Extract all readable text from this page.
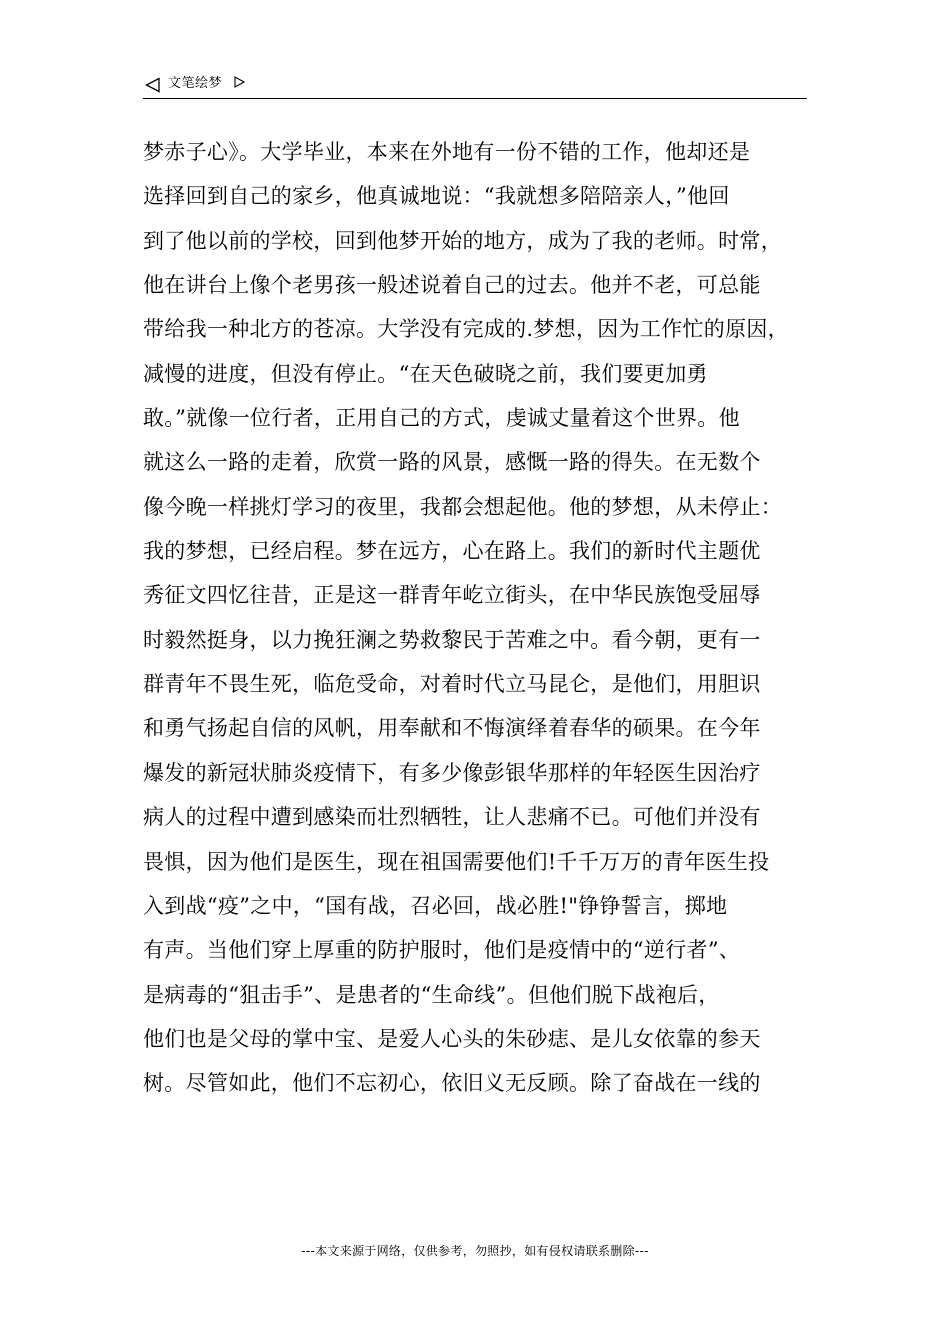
文笔绘梦
梦赤子心》。大学毕业，本来在外地有一份不错的工作，他却还是
选择回到自己的家乡，他真诚地说：“我就想多陪陪亲人，”他回
到了他以前的学校，回到他梦开始的地方，成为了我的老师。时常，
他在讲台上像个老男孩一般述说着自己的过去。他并不老，可总能
带给我一种北方的苍凉。大学没有完成的.梦想，因为工作忙的原因，
减慢的进度，但没有停止。“在天色破晓之前，我们要更加勇
敢。”就像一位行者，正用自己的方式，虔诚丈量着这个世界。他
就这么一路的走着，欣赏一路的风景，感慨一路的得失。在无数个
像今晚一样挑灯学习的夜里，我都会想起他。他的梦想，从未停止：
我的梦想，已经启程。梦在远方，心在路上。我们的新时代主题优
秀征文四忆往昔，正是这一群青年屹立街头，在中华民族饱受屈辱
时毅然挺身，以力挽狂澜之势救黎民于苦难之中。看今朝，更有一
群青年不畏生死，临危受命，对着时代立马昆仑，是他们，用胆识
和勇气扬起自信的风帆，用奉献和不悔演绎着春华的硕果。在今年
爆发的新冠状肺炎疫情下，有多少像彭银华那样的年轻医生因治疗
病人的过程中遭到感染而壮烈牺牲，让人悲痛不已。可他们并没有
畏惧，因为他们是医生，现在祖国需要他们!千千万万的青年医生投
入到战“疫”之中，“国有战，召必回，战必胜!"铮铮誓言，掷地
有声。当他们穿上厚重的防护服时，他们是疫情中的“逆行者”、
是病毒的“狙击手”、是患者的“生命线”。但他们脱下战袍后，
他们也是父母的掌中宝、是爱人心头的朱砂痣、是儿女依靠的参天
树。尽管如此，他们不忘初心，依旧义无反顾。除了奋战在一线的
---本文来源于网络，仅供参考，勿照抄，如有侵权请联系删除---
